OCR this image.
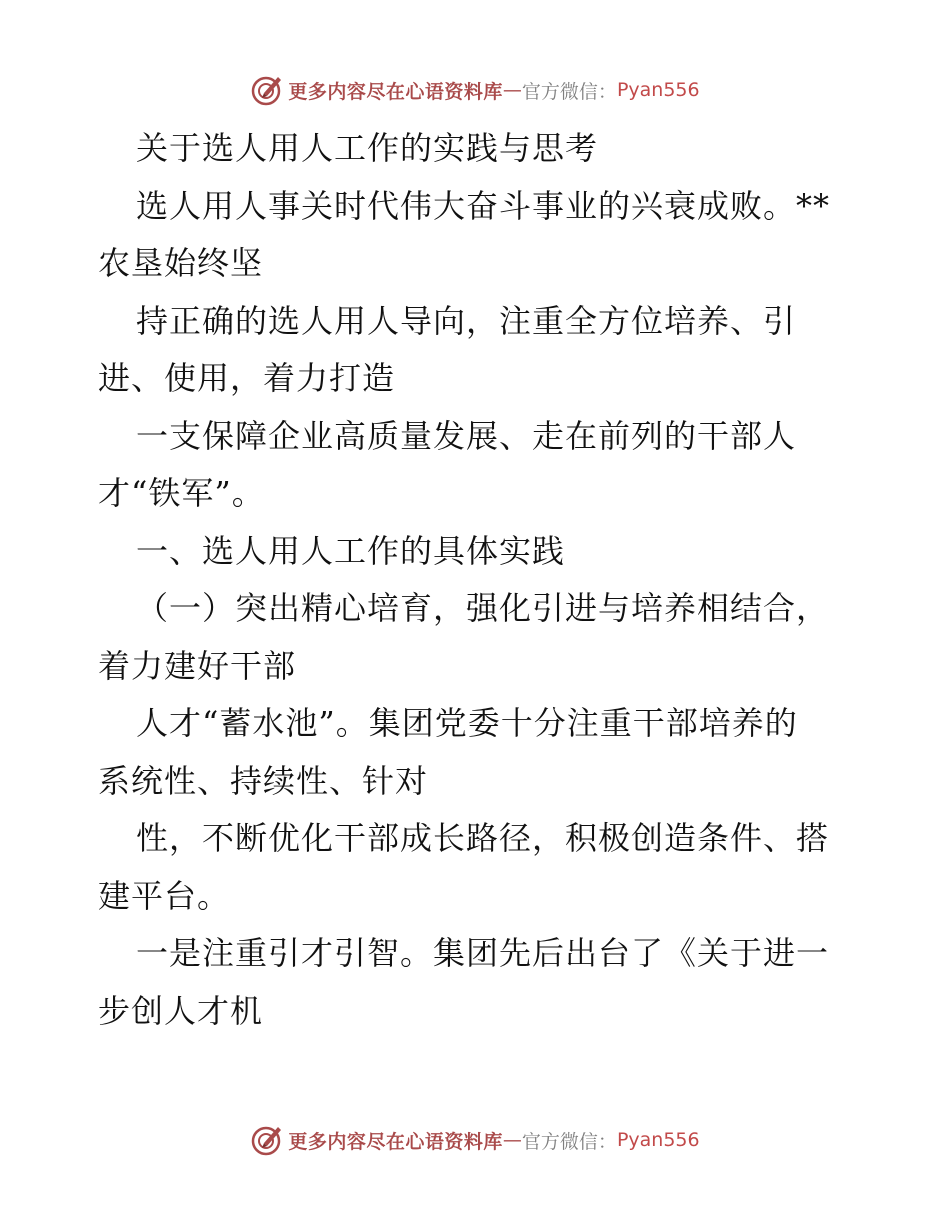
更多内容尽在心语资料库 — 官方微信： Pyan556
关于选人用人工作的实践与思考
选人用人事关时代伟大奋斗事业的兴衰成败。**
农垦始终坚
持正确的选人用人导向，注重全方位培养、引
进、使用，着力打造
一支保障企业高质量发展、走在前列的干部人
才“铁军”。
一、选人用人工作的具体实践
（一）突出精心培育，强化引进与培养相结合，
着力建好干部
人才“蓄水池”。集团党委十分注重干部培养的
系统性、持续性、针对
性，不断优化干部成长路径，积极创造条件、搭
建平台。
一是注重引才引智。集团先后出台了《关于进一
步创人才机
更多内容尽在心语资料库 — 官方微信： Pyan556
